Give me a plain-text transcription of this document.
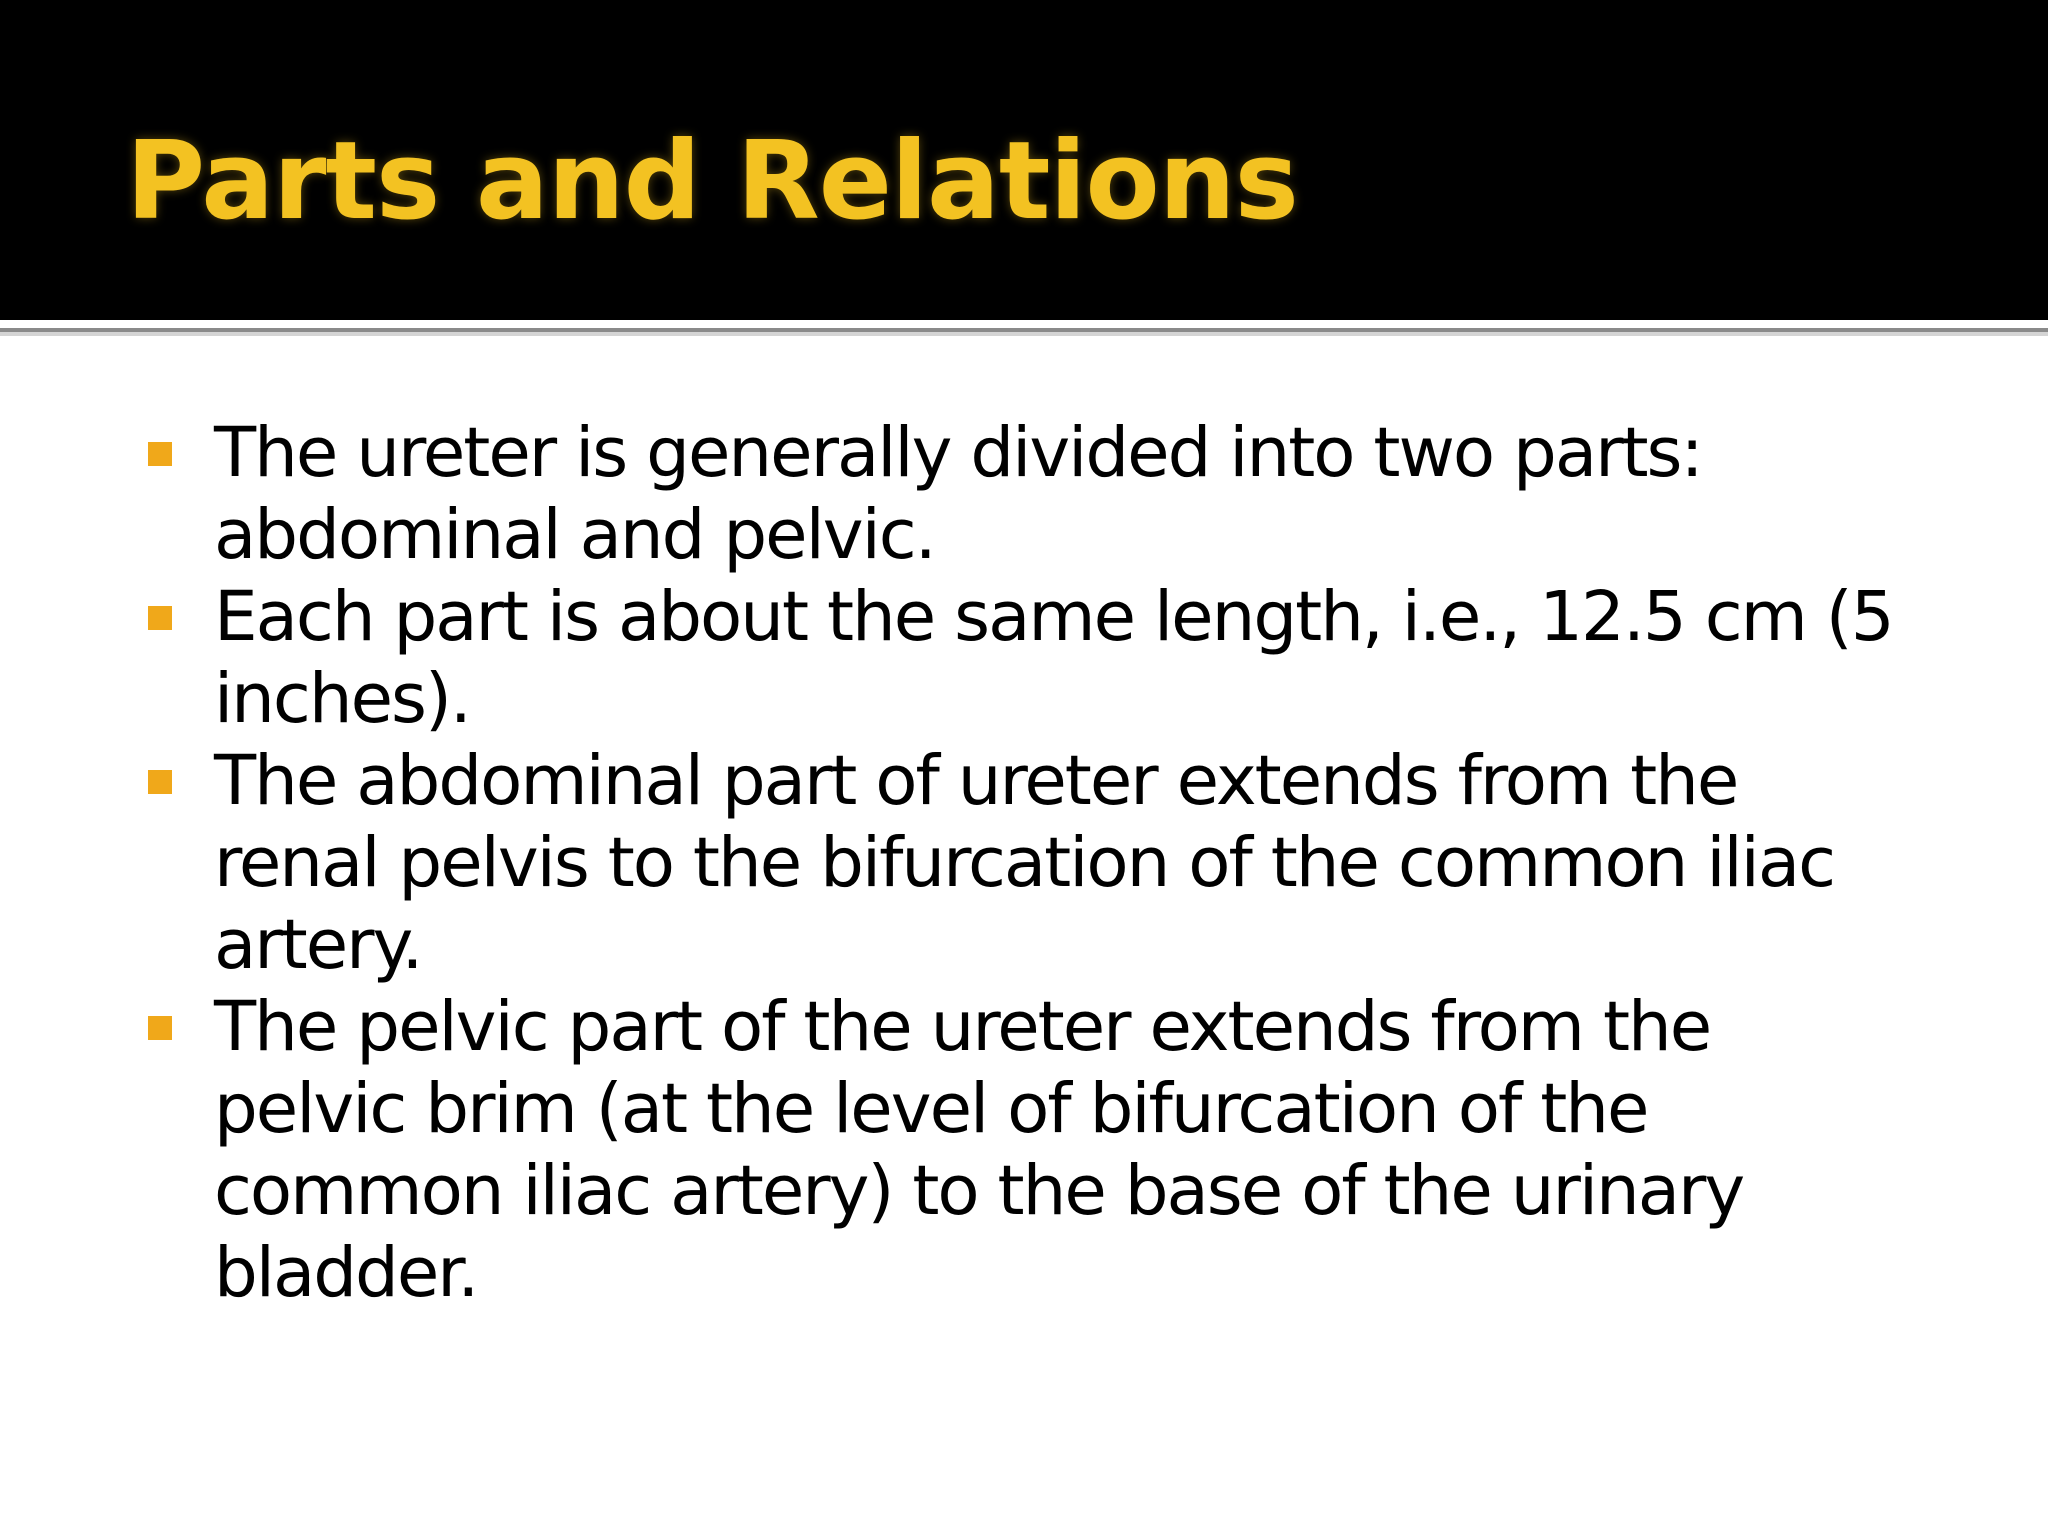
Parts and Relations
The ureter is generally divided into two parts: abdominal and pelvic.
Each part is about the same length, i.e., 12.5 cm (5 inches).
The abdominal part of ureter extends from the renal pelvis to the bifurcation of the common iliac artery.
The pelvic part of the ureter extends from the pelvic brim (at the level of bifurcation of the common iliac artery) to the base of the urinary bladder.
